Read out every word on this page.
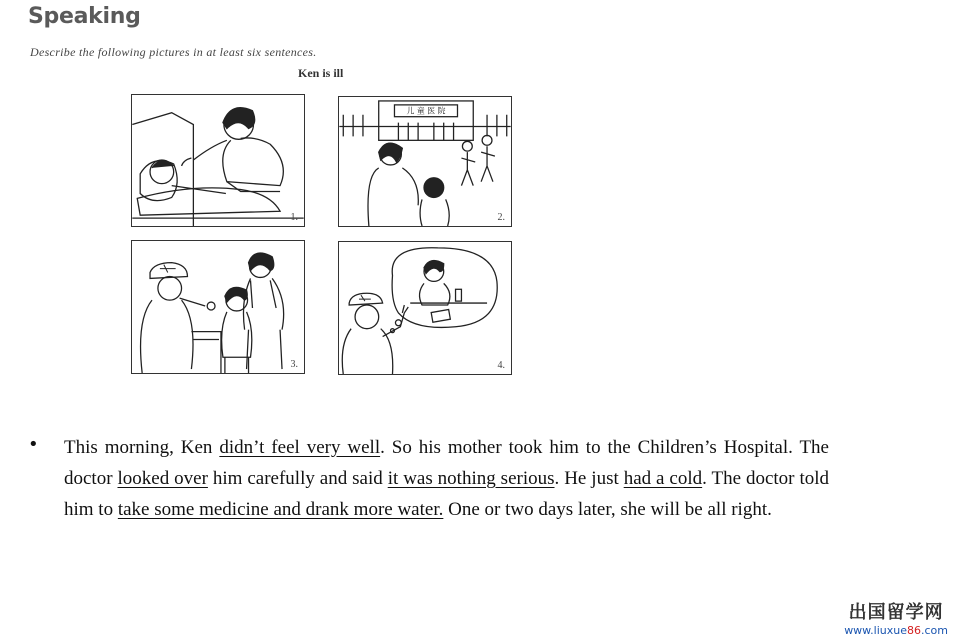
Speaking
Describe the following pictures in at least six sentences.
Ken is ill
1.
儿 童 医 院
2.
3.	4.
• This morning, Ken didn’t feel very well. So his mother took him to the Children’s Hospital. The doctor looked over him carefully and said it was nothing serious. He just had a cold. The doctor told him to take some medicine and drank more water. One or two days later, she will be all right.
出国留学网
www.liuxue86.com
